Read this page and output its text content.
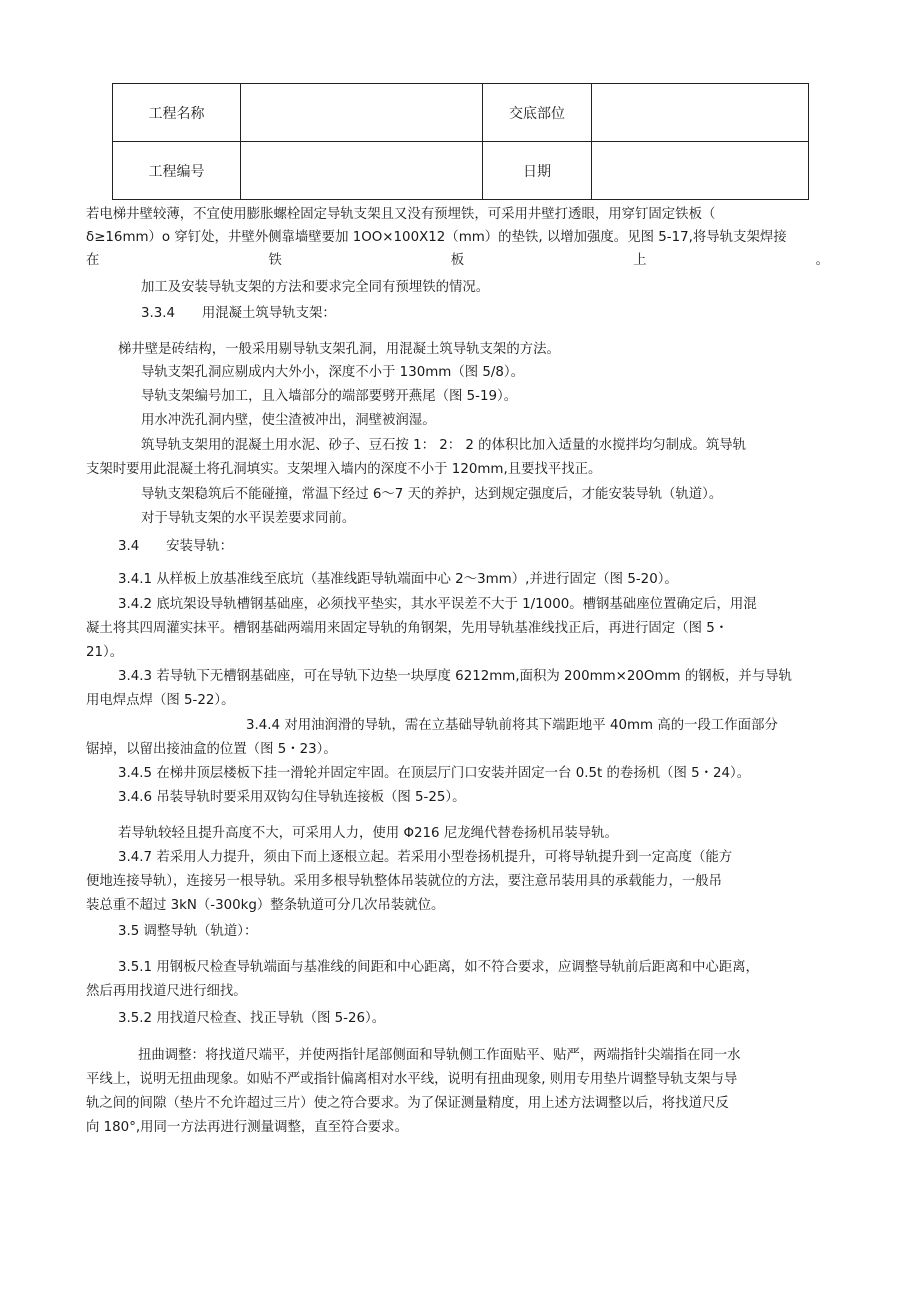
工程名称		交底部位	
工程编号		日期	

若电梯井壁较薄，不宜使用膨胀螺栓固定导轨支架且又没有预埋铁，可采用井壁打透眼，用穿钉固定铁板（

δ≥16mm）o 穿钉处，井壁外侧靠墙壁要加 1OO×100X12（mm）的垫铁, 以增加强度。见图 5-17,将导轨支架焊接

在	铁	板	上	。

加工及安装导轨支架的方法和要求完全同有预埋铁的情况。

3.3.4　　用混凝土筑导轨支架：

梯井壁是砖结构，一般采用剔导轨支架孔洞，用混凝土筑导轨支架的方法。

导轨支架孔洞应剔成内大外小，深度不小于 130mm（图 5/8）。

导轨支架编号加工，且入墙部分的端部要劈开燕尾（图 5-19）。

用水冲洗孔洞内壁，使尘渣被冲出，洞壁被润湿。

筑导轨支架用的混凝土用水泥、砂子、豆石按 1： 2： 2 的体积比加入适量的水搅拌均匀制成。筑导轨

支架时要用此混凝土将孔洞填实。支架埋入墙内的深度不小于 120mm,且要找平找正。

导轨支架稳筑后不能碰撞，常温下经过 6～7 天的养护，达到规定强度后，才能安装导轨（轨道）。

对于导轨支架的水平误差要求同前。

3.4　　安装导轨：

3.4.1 从样板上放基准线至底坑（基准线距导轨端面中心 2～3mm）,并进行固定（图 5-20）。

3.4.2 底坑架设导轨槽钢基础座，必须找平垫实，其水平误差不大于 1/1000。槽钢基础座位置确定后，用混

凝土将其四周灌实抹平。槽钢基础两端用来固定导轨的角钢架，先用导轨基准线找正后，再进行固定（图 5・

21）。

3.4.3 若导轨下无槽钢基础座，可在导轨下边垫一块厚度 6212mm,面积为 200mm×20Omm 的钢板，并与导轨

用电焊点焊（图 5-22）。

3.4.4 对用油润滑的导轨，需在立基础导轨前将其下端距地平 40mm 高的一段工作面部分

锯掉，以留出接油盒的位置（图 5・23）。

3.4.5 在梯井顶层楼板下挂一滑轮并固定牢固。在顶层厅门口安装并固定一台 0.5t 的卷扬机（图 5・24）。

3.4.6 吊装导轨时要采用双钩勾住导轨连接板（图 5-25）。

若导轨较轻且提升高度不大，可采用人力，使用 Φ216 尼龙绳代替卷扬机吊装导轨。

3.4.7 若采用人力提升，须由下而上逐根立起。若采用小型卷扬机提升，可将导轨提升到一定高度（能方

便地连接导轨），连接另一根导轨。采用多根导轨整体吊装就位的方法，要注意吊装用具的承载能力，一般吊

装总重不超过 3kN（-300kg）整条轨道可分几次吊装就位。

3.5 调整导轨（轨道）：

3.5.1 用钢板尺检查导轨端面与基准线的间距和中心距离，如不符合要求，应调整导轨前后距离和中心距离，

然后再用找道尺进行细找。

3.5.2 用找道尺检查、找正导轨（图 5-26）。

扭曲调整：将找道尺端平，并使两指针尾部侧面和导轨侧工作面贴平、贴严，两端指针尖端指在同一水

平线上，说明无扭曲现象。如贴不严或指针偏离相对水平线，说明有扭曲现象, 则用专用垫片调整导轨支架与导

轨之间的间隙（垫片不允许超过三片）使之符合要求。为了保证测量精度，用上述方法调整以后，将找道尺反

向 180°,用同一方法再进行测量调整，直至符合要求。
